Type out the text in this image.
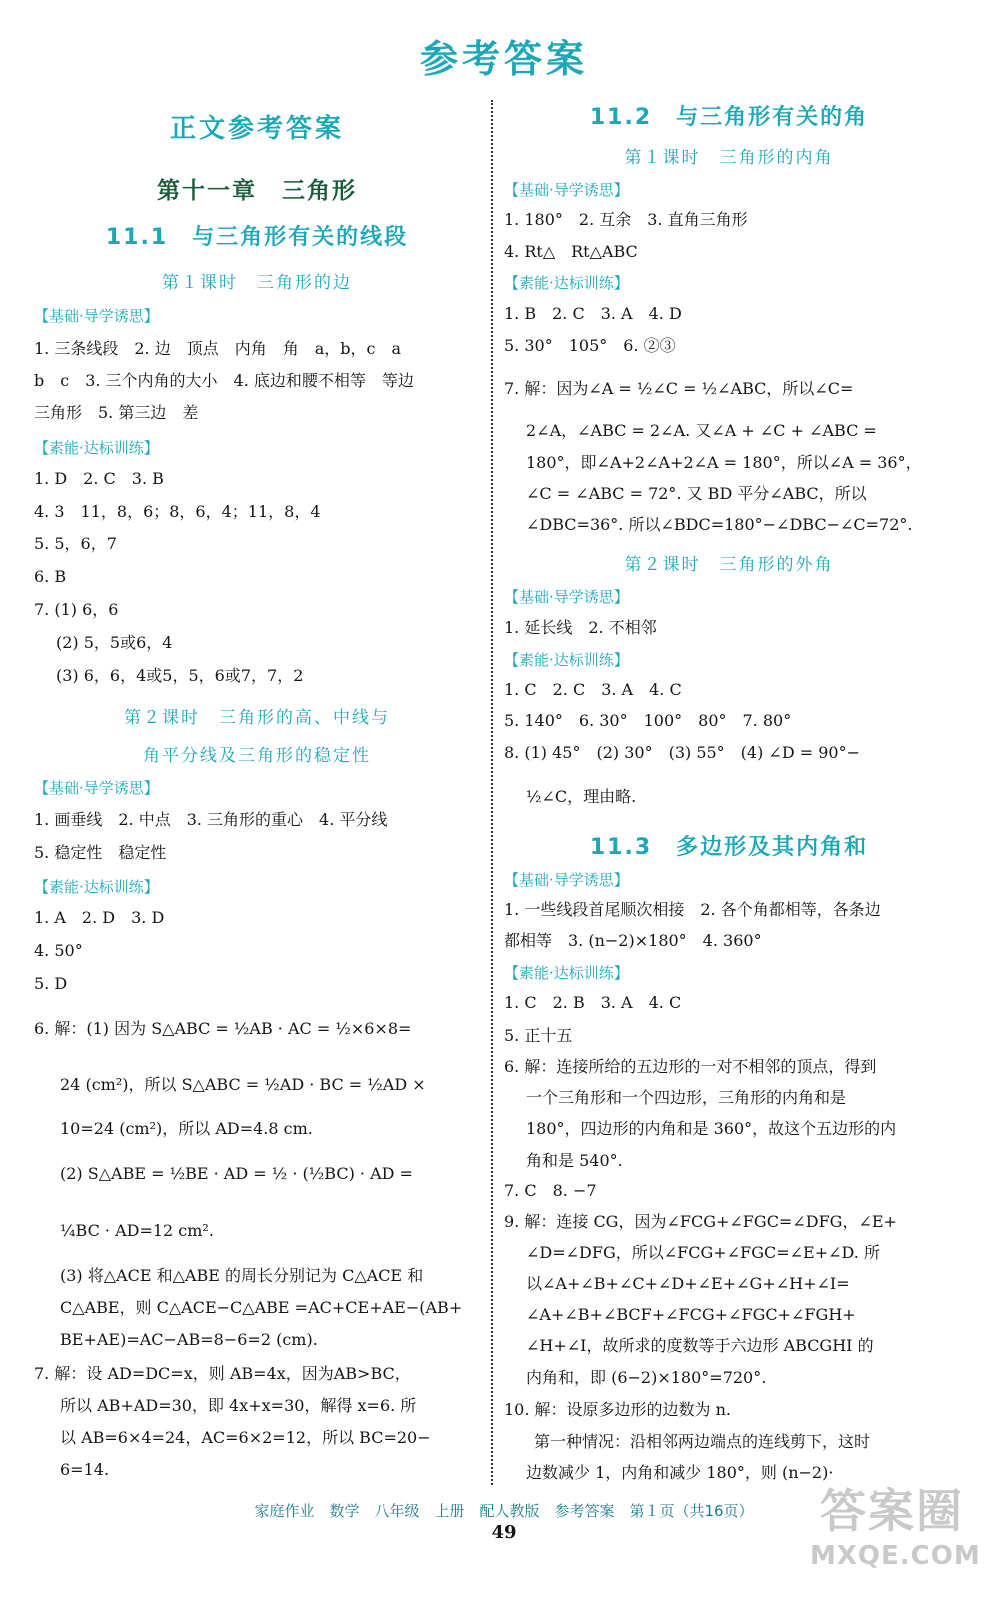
参考答案
正文参考答案
第十一章　三角形
11.1　与三角形有关的线段
第１课时　三角形的边
【基础·导学诱思】
1. 三条线段　2. 边　顶点　内角　角　a，b，c　a
b　c　3. 三个内角的大小　4. 底边和腰不相等　等边
三角形　5. 第三边　差
【素能·达标训练】
1. D　2. C　3. B
4. 3　11，8，6；8，6，4；11，8，4
5. 5，6，7
6. B
7. (1) 6，6
(2) 5，5或6，4
(3) 6，6，4或5，5，6或7，7，2
第２课时　三角形的高、中线与
角平分线及三角形的稳定性
【基础·导学诱思】
1. 画垂线　2. 中点　3. 三角形的重心　4. 平分线
5. 稳定性　稳定性
【素能·达标训练】
1. A　2. D　3. D
4. 50°
5. D
6. 解：(1) 因为 S△ABC = ½AB · AC = ½×6×8=
24 (cm²)，所以 S△ABC = ½AD · BC = ½AD ×
10=24 (cm²)，所以 AD=4.8 cm.
(2) S△ABE = ½BE · AD = ½ · (½BC) · AD =
¼BC · AD=12 cm².
(3) 将△ACE 和△ABE 的周长分别记为 C△ACE 和
C△ABE，则 C△ACE−C△ABE =AC+CE+AE−(AB+
BE+AE)=AC−AB=8−6=2 (cm).
7. 解：设 AD=DC=x，则 AB=4x，因为AB>BC，
所以 AB+AD=30，即 4x+x=30，解得 x=6. 所
以 AB=6×4=24，AC=6×2=12，所以 BC=20−
6=14.
11.2　与三角形有关的角
第１课时　三角形的内角
【基础·导学诱思】
1. 180°　2. 互余　3. 直角三角形
4. Rt△　Rt△ABC
【素能·达标训练】
1. B　2. C　3. A　4. D
5. 30°　105°　6. ②③
7. 解：因为∠A = ½∠C = ½∠ABC，所以∠C=
2∠A，∠ABC = 2∠A. 又∠A + ∠C + ∠ABC =
180°，即∠A+2∠A+2∠A = 180°，所以∠A = 36°，
∠C = ∠ABC = 72°. 又 BD 平分∠ABC，所以
∠DBC=36°. 所以∠BDC=180°−∠DBC−∠C=72°.
第２课时　三角形的外角
【基础·导学诱思】
1. 延长线　2. 不相邻
【素能·达标训练】
1. C　2. C　3. A　4. C
5. 140°　6. 30°　100°　80°　7. 80°
8. (1) 45°　(2) 30°　(3) 55°　(4) ∠D = 90°−
½∠C，理由略.
11.3　多边形及其内角和
【基础·导学诱思】
1. 一些线段首尾顺次相接　2. 各个角都相等，各条边
都相等　3. (n−2)×180°　4. 360°
【素能·达标训练】
1. C　2. B　3. A　4. C
5. 正十五
6. 解：连接所给的五边形的一对不相邻的顶点，得到
一个三角形和一个四边形，三角形的内角和是
180°，四边形的内角和是 360°，故这个五边形的内
角和是 540°.
7. C　8. −7
9. 解：连接 CG，因为∠FCG+∠FGC=∠DFG，∠E+
∠D=∠DFG，所以∠FCG+∠FGC=∠E+∠D. 所
以∠A+∠B+∠C+∠D+∠E+∠G+∠H+∠I=
∠A+∠B+∠BCF+∠FCG+∠FGC+∠FGH+
∠H+∠I，故所求的度数等于六边形 ABCGHI 的
内角和，即 (6−2)×180°=720°.
10. 解：设原多边形的边数为 n.
第一种情况：沿相邻两边端点的连线剪下，这时
边数减少 1，内角和减少 180°，则 (n−2)·
家庭作业　数学　八年级　上册　配人教版　参考答案　第１页（共16页）
49	答案圈
MXQE.COM
